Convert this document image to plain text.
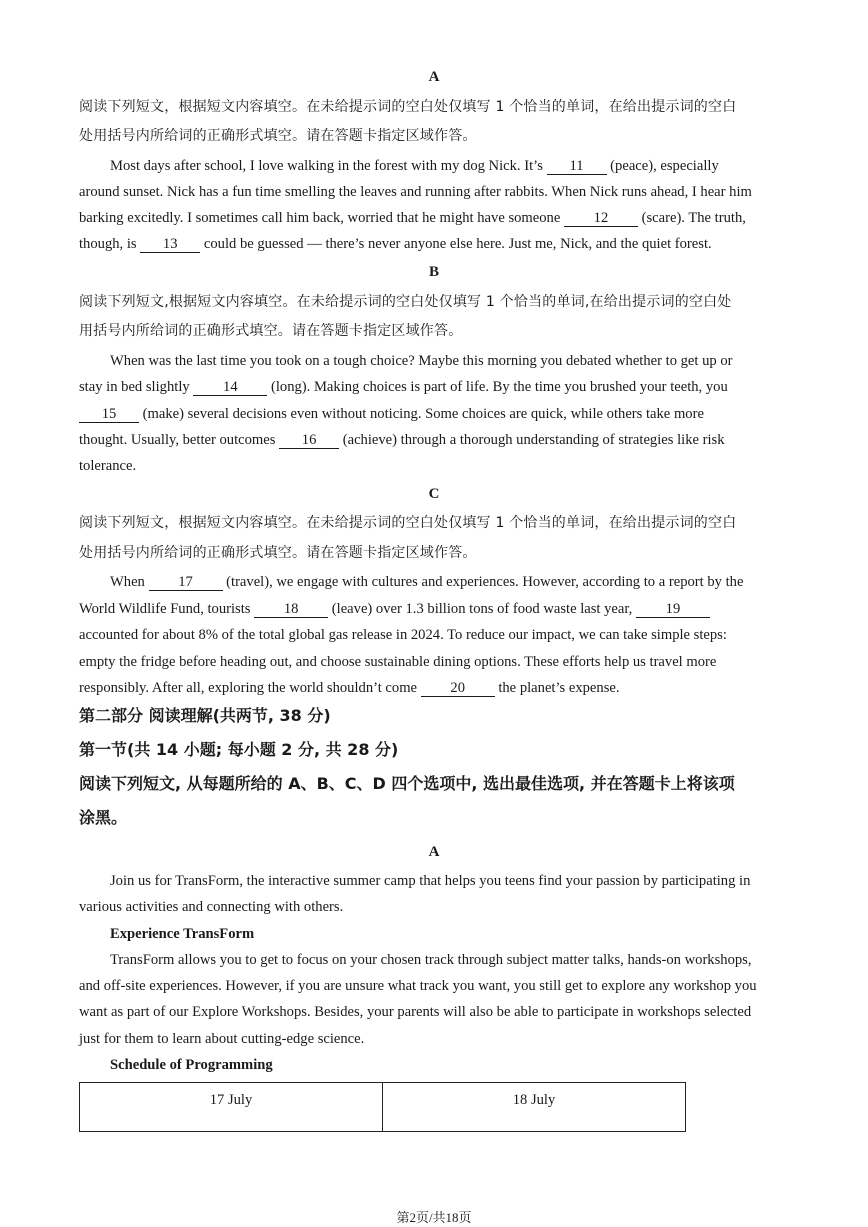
A
阅读下列短文，根据短文内容填空。在未给提示词的空白处仅填写 1 个恰当的单词，在给出提示词的空白
处用括号内所给词的正确形式填空。请在答题卡指定区域作答。
Most days after school, I love walking in the forest with my dog Nick. It’s 11 (peace), especially
around sunset. Nick has a fun time smelling the leaves and running after rabbits. When Nick runs ahead, I hear him
barking excitedly. I sometimes call him back, worried that he might have someone 12 (scare). The truth,
though, is 13 could be guessed — there’s never anyone else here. Just me, Nick, and the quiet forest.
B
阅读下列短文,根据短文内容填空。在未给提示词的空白处仅填写 1 个恰当的单词,在给出提示词的空白处
用括号内所给词的正确形式填空。请在答题卡指定区域作答。
When was the last time you took on a tough choice? Maybe this morning you debated whether to get up or
stay in bed slightly 14 (long). Making choices is part of life. By the time you brushed your teeth, you
15 (make) several decisions even without noticing. Some choices are quick, while others take more
thought. Usually, better outcomes 16 (achieve) through a thorough understanding of strategies like risk
tolerance.
C
阅读下列短文，根据短文内容填空。在未给提示词的空白处仅填写 1 个恰当的单词，在给出提示词的空白
处用括号内所给词的正确形式填空。请在答题卡指定区域作答。
When 17 (travel), we engage with cultures and experiences. However, according to a report by the
World Wildlife Fund, tourists 18 (leave) over 1.3 billion tons of food waste last year, 19
accounted for about 8% of the total global gas release in 2024. To reduce our impact, we can take simple steps:
empty the fridge before heading out, and choose sustainable dining options. These efforts help us travel more
responsibly. After all, exploring the world shouldn’t come 20 the planet’s expense.
第二部分 阅读理解(共两节, 38 分)
第一节(共 14 小题; 每小题 2 分, 共 28 分)
阅读下列短文, 从每题所给的 A、B、C、D 四个选项中, 选出最佳选项, 并在答题卡上将该项
涂黑。
A
Join us for TransForm, the interactive summer camp that helps you teens find your passion by participating in
various activities and connecting with others.
Experience TransForm
TransForm allows you to get to focus on your chosen track through subject matter talks, hands-on workshops,
and off-site experiences. However, if you are unsure what track you want, you still get to explore any workshop you
want as part of our Explore Workshops. Besides, your parents will also be able to participate in workshops selected
just for them to learn about cutting-edge science.
Schedule of Programming
17 July	18 July
第2页/共18页
